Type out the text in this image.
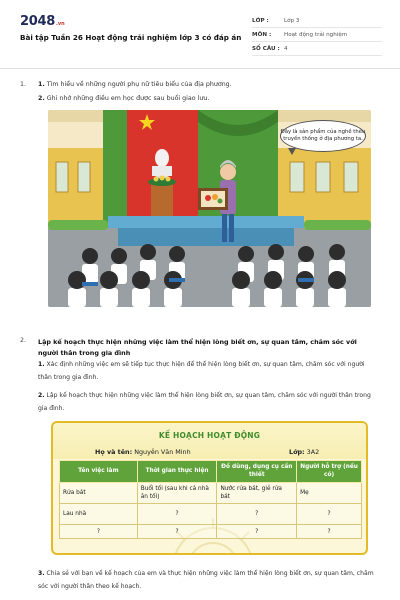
2048 .vn
Bài tập Tuần 26 Hoạt động trải nghiệm lớp 3 có đáp án
LỚP :	Lớp 3
MÔN :	Hoạt động trải nghiệm
SỐ CÂU : 4
1. 1. Tìm hiểu về những người phụ nữ tiêu biểu của địa phương.
2. Ghi nhớ những điều em học được sau buổi giao lưu.
Đây là sản phẩm của nghề thêu
truyền thống ở địa phương ta.
2. Lập kế hoạch thực hiện những việc làm thể hiện lòng biết ơn, sự quan tâm, chăm sóc với người thân trong gia đình
1. Xác định những việc em sẽ tiếp tục thực hiện để thể hiện lòng biết ơn, sự quan tâm, chăm sóc với người thân trong gia đình.
2. Lập kế hoạch thực hiện những việc làm thể hiện lòng biết ơn, sự quan tâm, chăm sóc với người thân trong gia đình.
KẾ HOẠCH HOẠT ĐỘNG
Họ và tên: Nguyễn Văn Minh	Lớp: 3A2
Tên việc làm	Thời gian thực hiện	Đồ dùng, dụng cụ cần thiết	Người hỗ trợ (nếu có)
Rửa bát	Buổi tối (sau khi cả nhà ăn tối)	Nước rửa bát, giẻ rửa bát	Mẹ
Lau nhà	?	?	?
?	?	?	?
3. Chia sẻ với bạn về kế hoạch của em và thực hiện những việc làm thể hiện lòng biết ơn, sự quan tâm, chăm sóc với người thân theo kế hoạch.
